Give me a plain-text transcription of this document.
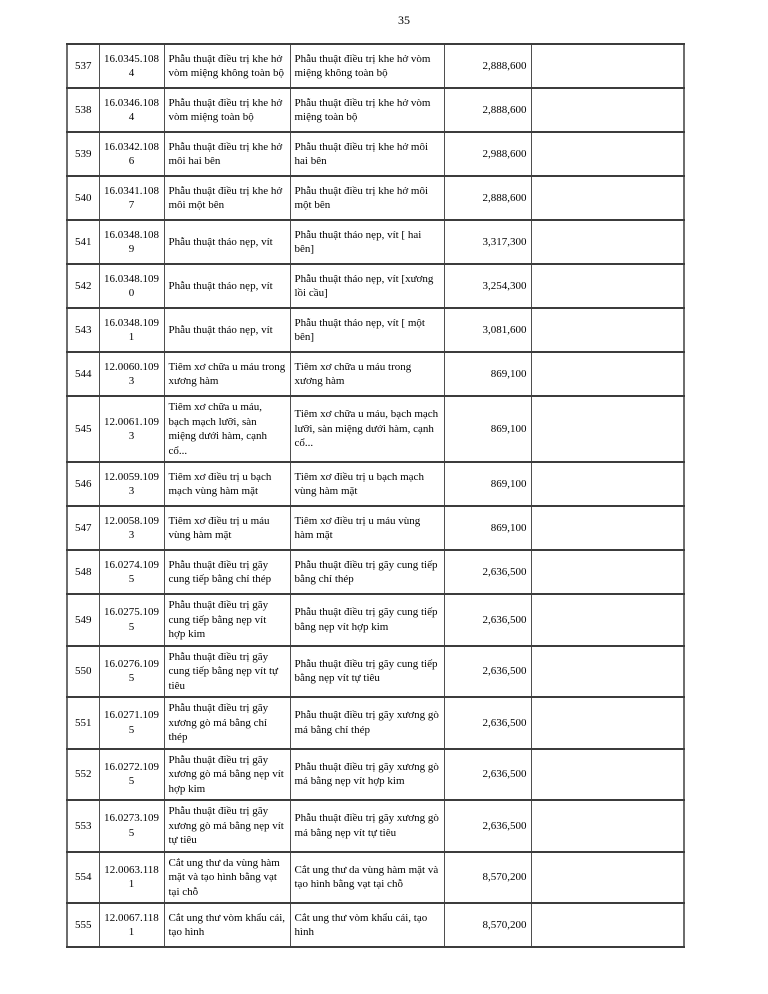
35
537	16.0345.1084	Phẫu thuật điều trị khe hở vòm miệng không toàn bộ	Phẫu thuật điều trị khe hở vòm miệng không toàn bộ	2,888,600	
538	16.0346.1084	Phẫu thuật điều trị khe hở vòm miệng toàn bộ	Phẫu thuật điều trị khe hở vòm miệng toàn bộ	2,888,600	
539	16.0342.1086	Phẫu thuật điều trị khe hở môi hai bên	Phẫu thuật điều trị khe hở môi hai bên	2,988,600	
540	16.0341.1087	Phẫu thuật điều trị khe hở môi một bên	Phẫu thuật điều trị khe hở môi một bên	2,888,600	
541	16.0348.1089	Phẫu thuật tháo nẹp, vít	Phẫu thuật tháo nẹp, vít [ hai bên]	3,317,300	
542	16.0348.1090	Phẫu thuật tháo nẹp, vít	Phẫu thuật tháo nẹp, vít [xương lồi cầu]	3,254,300	
543	16.0348.1091	Phẫu thuật tháo nẹp, vít	Phẫu thuật tháo nẹp, vít [ một bên]	3,081,600	
544	12.0060.1093	Tiêm xơ chữa u máu trong xương hàm	Tiêm xơ chữa u máu trong xương hàm	869,100	
545	12.0061.1093	Tiêm xơ chữa u máu, bạch mạch lưỡi, sàn miệng dưới hàm, cạnh cổ...	Tiêm xơ chữa u máu, bạch mạch lưỡi, sàn miệng dưới hàm, cạnh cổ...	869,100	
546	12.0059.1093	Tiêm xơ điều trị u bạch mạch vùng hàm mặt	Tiêm xơ điều trị u bạch mạch vùng hàm mặt	869,100	
547	12.0058.1093	Tiêm xơ điều trị u máu vùng hàm mặt	Tiêm xơ điều trị u máu vùng hàm mặt	869,100	
548	16.0274.1095	Phẫu thuật điều trị gãy cung tiếp bằng chỉ thép	Phẫu thuật điều trị gãy cung tiếp bằng chỉ thép	2,636,500	
549	16.0275.1095	Phẫu thuật điều trị gãy cung tiếp bằng nẹp vít hợp kim	Phẫu thuật điều trị gãy cung tiếp bằng nẹp vít hợp kim	2,636,500	
550	16.0276.1095	Phẫu thuật điều trị gãy cung tiếp bằng nẹp vít tự tiêu	Phẫu thuật điều trị gãy cung tiếp bằng nẹp vít tự tiêu	2,636,500	
551	16.0271.1095	Phẫu thuật điều trị gãy xương gò má bằng chỉ thép	Phẫu thuật điều trị gãy xương gò má bằng chỉ thép	2,636,500	
552	16.0272.1095	Phẫu thuật điều trị gãy xương gò má bằng nẹp vít hợp kim	Phẫu thuật điều trị gãy xương gò má bằng nẹp vít hợp kim	2,636,500	
553	16.0273.1095	Phẫu thuật điều trị gãy xương gò má bằng nẹp vít tự tiêu	Phẫu thuật điều trị gãy xương gò má bằng nẹp vít tự tiêu	2,636,500	
554	12.0063.1181	Cắt ung thư da vùng hàm mặt và tạo hình bằng vạt tại chỗ	Cắt ung thư da vùng hàm mặt và tạo hình bằng vạt tại chỗ	8,570,200	
555	12.0067.1181	Cắt ung thư vòm khẩu cái, tạo hình	Cắt ung thư vòm khẩu cái, tạo hình	8,570,200	
